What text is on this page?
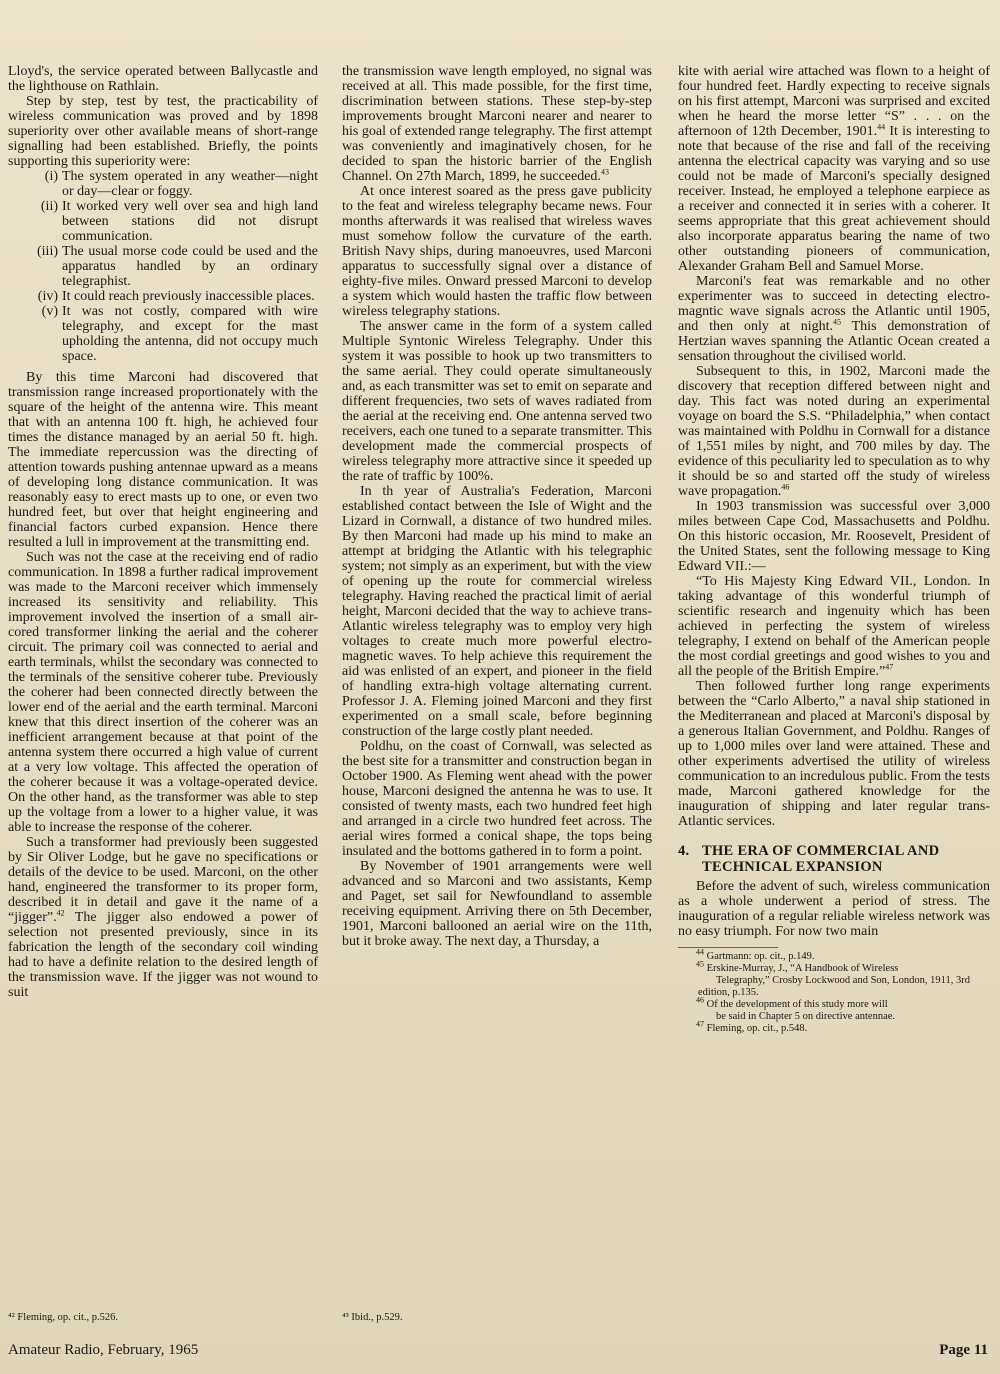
Lloyd's, the service operated between Ballycastle and the lighthouse on Rathlain.

Step by step, test by test, the practicability of wireless communication was proved and by 1898 superiority over other available means of short-range signalling had been established. Briefly, the points supporting this superiority were:

(i) The system operated in any weather—night or day—clear or foggy.
(ii) It worked very well over sea and high land between stations did not disrupt communication.
(iii) The usual morse code could be used and the apparatus handled by an ordinary telegraphist.
(iv) It could reach previously inaccessible places.
(v) It was not costly, compared with wire telegraphy, and except for the mast upholding the antenna, did not occupy much space.

By this time Marconi had discovered that transmission range increased proportionately with the square of the height of the antenna wire. This meant that with an antenna 100 ft. high, he achieved four times the distance managed by an aerial 50 ft. high. The immediate repercussion was the directing of attention towards pushing antennae upward as a means of developing long distance communication. It was reasonably easy to erect masts up to one, or even two hundred feet, but over that height engineering and financial factors curbed expansion. Hence there resulted a lull in improvement at the transmitting end.

Such was not the case at the receiving end of radio communication. In 1898 a further radical improvement was made to the Marconi receiver which immensely increased its sensitivity and reliability. This improvement involved the insertion of a small air-cored transformer linking the aerial and the coherer circuit. The primary coil was connected to aerial and earth terminals, whilst the secondary was connected to the terminals of the sensitive coherer tube. Previously the coherer had been connected directly between the lower end of the aerial and the earth terminal. Marconi knew that this direct insertion of the coherer was an inefficient arrangement because at that point of the antenna system there occurred a high value of current at a very low voltage. This affected the operation of the coherer because it was a voltage-operated device. On the other hand, as the transformer was able to step up the voltage from a lower to a higher value, it was able to increase the response of the coherer.

Such a transformer had previously been suggested by Sir Oliver Lodge, but he gave no specifications or details of the device to be used. Marconi, on the other hand, engineered the transformer to its proper form, described it in detail and gave it the name of a “jigger”.$^{42}$ The jigger also endowed a power of selection not presented previously, since in its fabrication the length of the secondary coil winding had to have a definite relation to the desired length of the transmission wave. If the jigger was not wound to suit

⁴² Fleming, op. cit., p.526.

the transmission wave length employed, no signal was received at all. This made possible, for the first time, discrimination between stations. These step-by-step improvements brought Marconi nearer and nearer to his goal of extended range telegraphy. The first attempt was conveniently and imaginatively chosen, for he decided to span the historic barrier of the English Channel. On 27th March, 1899, he succeeded.$^{43}$

At once interest soared as the press gave publicity to the feat and wireless telegraphy became news. Four months afterwards it was realised that wireless waves must somehow follow the curvature of the earth. British Navy ships, during manoeuvres, used Marconi apparatus to successfully signal over a distance of eighty-five miles. Onward pressed Marconi to develop a system which would hasten the traffic flow between wireless telegraphy stations.

The answer came in the form of a system called Multiple Syntonic Wireless Telegraphy. Under this system it was possible to hook up two transmitters to the same aerial. They could operate simultaneously and, as each transmitter was set to emit on separate and different frequencies, two sets of waves radiated from the aerial at the receiving end. One antenna served two receivers, each one tuned to a separate transmitter. This development made the commercial prospects of wireless telegraphy more attractive since it speeded up the rate of traffic by 100%.

In th year of Australia's Federation, Marconi established contact between the Isle of Wight and the Lizard in Cornwall, a distance of two hundred miles. By then Marconi had made up his mind to make an attempt at bridging the Atlantic with his telegraphic system; not simply as an experiment, but with the view of opening up the route for commercial wireless telegraphy. Having reached the practical limit of aerial height, Marconi decided that the way to achieve trans-Atlantic wireless telegraphy was to employ very high voltages to create much more powerful electro-magnetic waves. To help achieve this requirement the aid was enlisted of an expert, and pioneer in the field of handling extra-high voltage alternating current. Professor J. A. Fleming joined Marconi and they first experimented on a small scale, before beginning construction of the large costly plant needed.

Poldhu, on the coast of Cornwall, was selected as the best site for a transmitter and construction began in October 1900. As Fleming went ahead with the power house, Marconi designed the antenna he was to use. It consisted of twenty masts, each two hundred feet high and arranged in a circle two hundred feet across. The aerial wires formed a conical shape, the tops being insulated and the bottoms gathered in to form a point.

By November of 1901 arrangements were well advanced and so Marconi and two assistants, Kemp and Paget, set sail for Newfoundland to assemble receiving equipment. Arriving there on 5th December, 1901, Marconi ballooned an aerial wire on the 11th, but it broke away. The next day, a Thursday, a

⁴³ Ibid., p.529.

kite with aerial wire attached was flown to a height of four hundred feet. Hardly expecting to receive signals on his first attempt, Marconi was surprised and excited when he heard the morse letter “S” . . . on the afternoon of 12th December, 1901.44 It is interesting to note that because of the rise and fall of the receiving antenna the electrical capacity was varying and so use could not be made of Marconi's specially designed receiver. Instead, he employed a telephone earpiece as a receiver and connected it in series with a coherer. It seems appropriate that this great achievement should also incorporate apparatus bearing the name of two other outstanding pioneers of communication, Alexander Graham Bell and Samuel Morse.

Marconi's feat was remarkable and no other experimenter was to succeed in detecting electro-magntic wave signals across the Atlantic until 1905, and then only at night.$^{45}$ This demonstration of Hertzian waves spanning the Atlantic Ocean created a sensation throughout the civilised world.

Subsequent to this, in 1902, Marconi made the discovery that reception differed between night and day. This fact was noted during an experimental voyage on board the S.S. “Philadelphia,” when contact was maintained with Poldhu in Cornwall for a distance of 1,551 miles by night, and 700 miles by day. The evidence of this peculiarity led to speculation as to why it should be so and started off the study of wireless wave propagation.$^{46}$

In 1903 transmission was successful over 3,000 miles between Cape Cod, Massachusetts and Poldhu. On this historic occasion, Mr. Roosevelt, President of the United States, sent the following message to King Edward VII.:—

“To His Majesty King Edward VII., London. In taking advantage of this wonderful triumph of scientific research and ingenuity which has been achieved in perfecting the system of wireless telegraphy, I extend on behalf of the American people the most cordial greetings and good wishes to you and all the people of the British Empire.”$^{47}$

Then followed further long range experiments between the “Carlo Alberto,” a naval ship stationed in the Mediterranean and placed at Marconi's disposal by a generous Italian Government, and Poldhu. Ranges of up to 1,000 miles over land were attained. These and other experiments advertised the utility of wireless communication to an incredulous public. From the tests made, Marconi gathered knowledge for the inauguration of shipping and later regular trans-Atlantic services.

4. THE ERA OF COMMERCIAL AND
TECHNICAL EXPANSION

Before the advent of such, wireless communication as a whole underwent a period of stress. The inauguration of a regular reliable wireless network was no easy triumph. For now two main

$^{44}$ Gartmann: op. cit., p.149.

$^{45}$ Erskine-Murray, J., “A Handbook of Wireless
Telegraphy,” Crosby Lockwood and Son, London, 1911, 3rd edition, p.135.

$^{46}$ Of the development of this study more will
be said in Chapter 5 on directive antennae.

$^{47}$ Fleming, op. cit., p.548.

Amateur Radio, February, 1965	Page 11
